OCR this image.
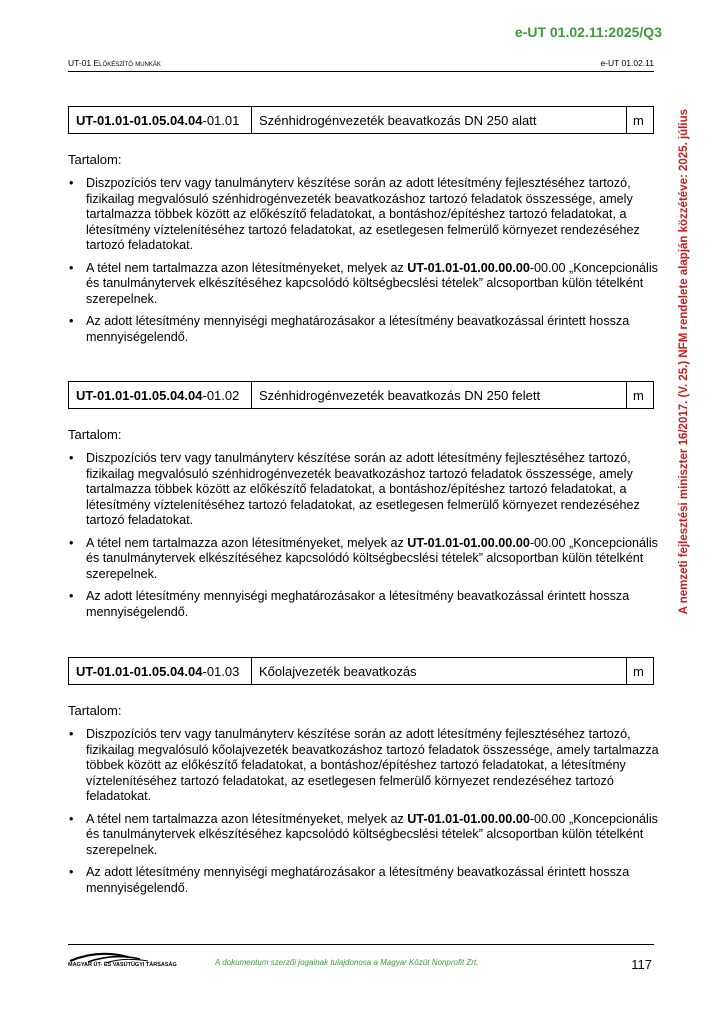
e-UT 01.02.11:2025/Q3
UT-01 Előkészítő munkák	e-UT 01.02.11
A nemzeti fejlesztési miniszter 16/2017. (V. 25.) NFM rendelete alapján közzétéve: 2025. július
UT-01.01-01.05.04.04 -01.01	Szénhidrogénvezeték beavatkozás DN 250 alatt	m
Tartalom:
• Diszpozíciós terv vagy tanulmányterv készítése során az adott létesítmény fejlesztéséhez tartozó, fizikailag megvalósuló szénhidrogénvezeték beavatkozáshoz tartozó feladatok összessége, amely tartalmazza többek között az előkészítő feladatokat, a bontáshoz/építéshez tartozó feladatokat, a létesítmény víztelenítéséhez tartozó feladatokat, az esetlegesen felmerülő környezet rendezéséhez tartozó feladatokat.
• A tétel nem tartalmazza azon létesítményeket, melyek az UT-01.01-01.00.00.00-00.00 „Koncepcionális és tanulmánytervek elkészítéséhez kapcsolódó költségbecslési tételek” alcsoportban külön tételként szerepelnek.
• Az adott létesítmény mennyiségi meghatározásakor a létesítmény beavatkozással érintett hossza mennyiségelendő.
UT-01.01-01.05.04.04 -01.02	Szénhidrogénvezeték beavatkozás DN 250 felett	m
Tartalom:
• Diszpozíciós terv vagy tanulmányterv készítése során az adott létesítmény fejlesztéséhez tartozó, fizikailag megvalósuló szénhidrogénvezeték beavatkozáshoz tartozó feladatok összessége, amely tartalmazza többek között az előkészítő feladatokat, a bontáshoz/építéshez tartozó feladatokat, a létesítmény víztelenítéséhez tartozó feladatokat, az esetlegesen felmerülő környezet rendezéséhez tartozó feladatokat.
• A tétel nem tartalmazza azon létesítményeket, melyek az UT-01.01-01.00.00.00-00.00 „Koncepcionális és tanulmánytervek elkészítéséhez kapcsolódó költségbecslési tételek” alcsoportban külön tételként szerepelnek.
• Az adott létesítmény mennyiségi meghatározásakor a létesítmény beavatkozással érintett hossza mennyiségelendő.
UT-01.01-01.05.04.04 -01.03	Kőolajvezeték beavatkozás	m
Tartalom:
• Diszpozíciós terv vagy tanulmányterv készítése során az adott létesítmény fejlesztéséhez tartozó, fizikailag megvalósuló kőolajvezeték beavatkozáshoz tartozó feladatok összessége, amely tartalmazza többek között az előkészítő feladatokat, a bontáshoz/építéshez tartozó feladatokat, a létesítmény víztelenítéséhez tartozó feladatokat, az esetlegesen felmerülő környezet rendezéséhez tartozó feladatokat.
• A tétel nem tartalmazza azon létesítményeket, melyek az UT-01.01-01.00.00.00-00.00 „Koncepcionális és tanulmánytervek elkészítéséhez kapcsolódó költségbecslési tételek” alcsoportban külön tételként szerepelnek.
• Az adott létesítmény mennyiségi meghatározásakor a létesítmény beavatkozással érintett hossza mennyiségelendő.
MAGYAR ÚT- ÉS VASÚTÜGYI TÁRSASÁG	A dokumentum szerzői jogainak tulajdonosa a Magyar Közút Nonprofit Zrt.	117
